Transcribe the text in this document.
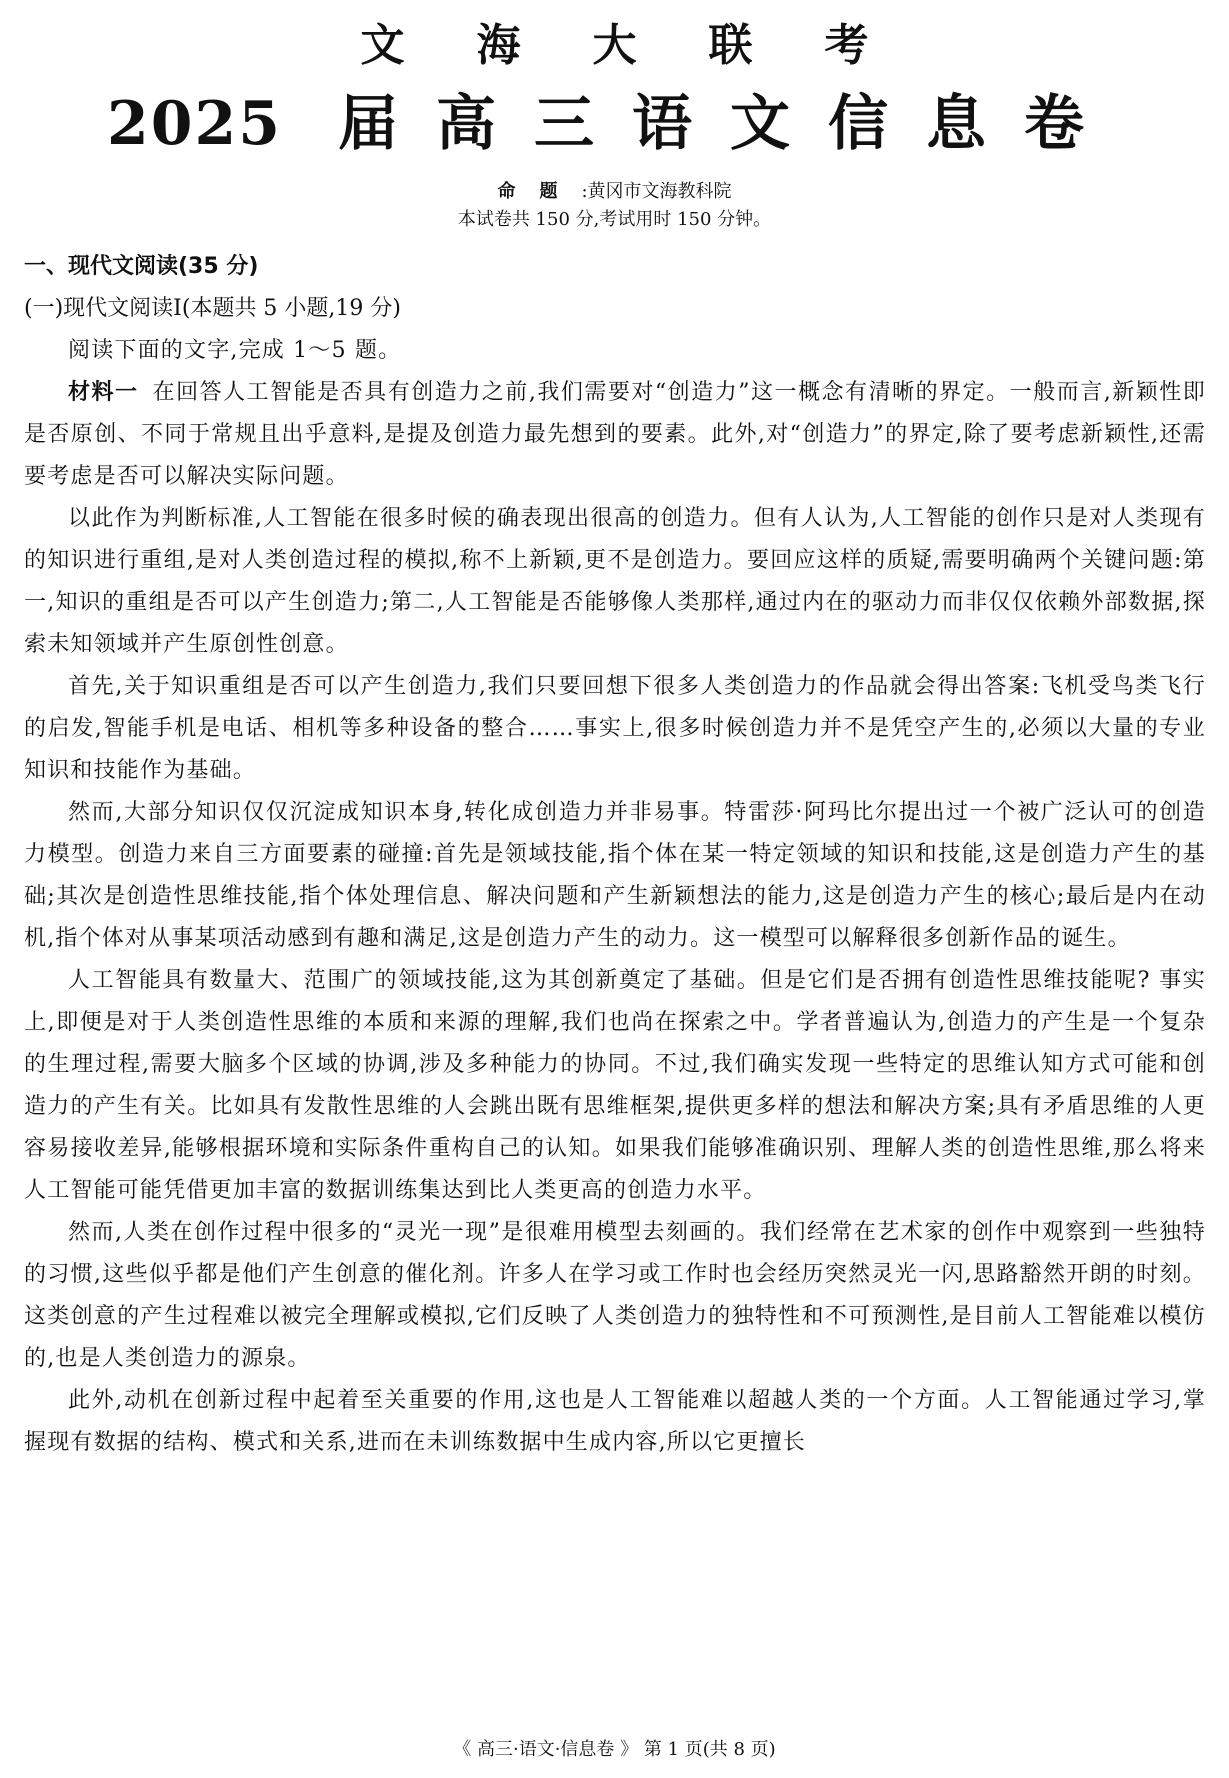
文海大联考
2025 届高三语文信息卷
命题:黄冈市文海教科院
本试卷共 150 分,考试用时 150 分钟。

一、现代文阅读(35 分)

(一)现代文阅读Ⅰ(本题共 5 小题,19 分)

阅读下面的文字,完成 1～5 题。

材料一 在回答人工智能是否具有创造力之前,我们需要对“创造力”这一概念有清晰的界定。一般而言,新颖性即是否原创、不同于常规且出乎意料,是提及创造力最先想到的要素。此外,对“创造力”的界定,除了要考虑新颖性,还需要考虑是否可以解决实际问题。

以此作为判断标准,人工智能在很多时候的确表现出很高的创造力。但有人认为,人工智能的创作只是对人类现有的知识进行重组,是对人类创造过程的模拟,称不上新颖,更不是创造力。要回应这样的质疑,需要明确两个关键问题:第一,知识的重组是否可以产生创造力;第二,人工智能是否能够像人类那样,通过内在的驱动力而非仅仅依赖外部数据,探索未知领域并产生原创性创意。

首先,关于知识重组是否可以产生创造力,我们只要回想下很多人类创造力的作品就会得出答案:飞机受鸟类飞行的启发,智能手机是电话、相机等多种设备的整合……事实上,很多时候创造力并不是凭空产生的,必须以大量的专业知识和技能作为基础。

然而,大部分知识仅仅沉淀成知识本身,转化成创造力并非易事。特雷莎·阿玛比尔提出过一个被广泛认可的创造力模型。创造力来自三方面要素的碰撞:首先是领域技能,指个体在某一特定领域的知识和技能,这是创造力产生的基础;其次是创造性思维技能,指个体处理信息、解决问题和产生新颖想法的能力,这是创造力产生的核心;最后是内在动机,指个体对从事某项活动感到有趣和满足,这是创造力产生的动力。这一模型可以解释很多创新作品的诞生。

人工智能具有数量大、范围广的领域技能,这为其创新奠定了基础。但是它们是否拥有创造性思维技能呢? 事实上,即便是对于人类创造性思维的本质和来源的理解,我们也尚在探索之中。学者普遍认为,创造力的产生是一个复杂的生理过程,需要大脑多个区域的协调,涉及多种能力的协同。不过,我们确实发现一些特定的思维认知方式可能和创造力的产生有关。比如具有发散性思维的人会跳出既有思维框架,提供更多样的想法和解决方案;具有矛盾思维的人更容易接收差异,能够根据环境和实际条件重构自己的认知。如果我们能够准确识别、理解人类的创造性思维,那么将来人工智能可能凭借更加丰富的数据训练集达到比人类更高的创造力水平。

然而,人类在创作过程中很多的“灵光一现”是很难用模型去刻画的。我们经常在艺术家的创作中观察到一些独特的习惯,这些似乎都是他们产生创意的催化剂。许多人在学习或工作时也会经历突然灵光一闪,思路豁然开朗的时刻。这类创意的产生过程难以被完全理解或模拟,它们反映了人类创造力的独特性和不可预测性,是目前人工智能难以模仿的,也是人类创造力的源泉。

此外,动机在创新过程中起着至关重要的作用,这也是人工智能难以超越人类的一个方面。人工智能通过学习,掌握现有数据的结构、模式和关系,进而在未训练数据中生成内容,所以它更擅长

《 高三·语文·信息卷 》 第 1 页(共 8 页)
